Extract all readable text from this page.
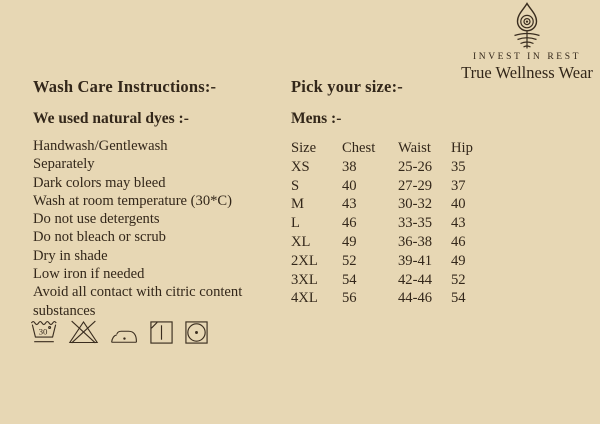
INVEST IN REST
True Wellness Wear
Wash Care Instructions:-
We used natural dyes :-
Handwash/Gentlewash
Separately
Dark colors may bleed
Wash at room temperature (30*C)
Do not use detergents
Do not bleach or scrub
Dry in shade
Low iron if needed
Avoid all contact with citric content
substances
30
Pick your size:-
Mens :-
Size	Chest	Waist	Hip
XS	38	25-26	35
S	40	27-29	37
M	43	30-32	40
L	46	33-35	43
XL	49	36-38	46
2XL	52	39-41	49
3XL	54	42-44	52
4XL	56	44-46	54
